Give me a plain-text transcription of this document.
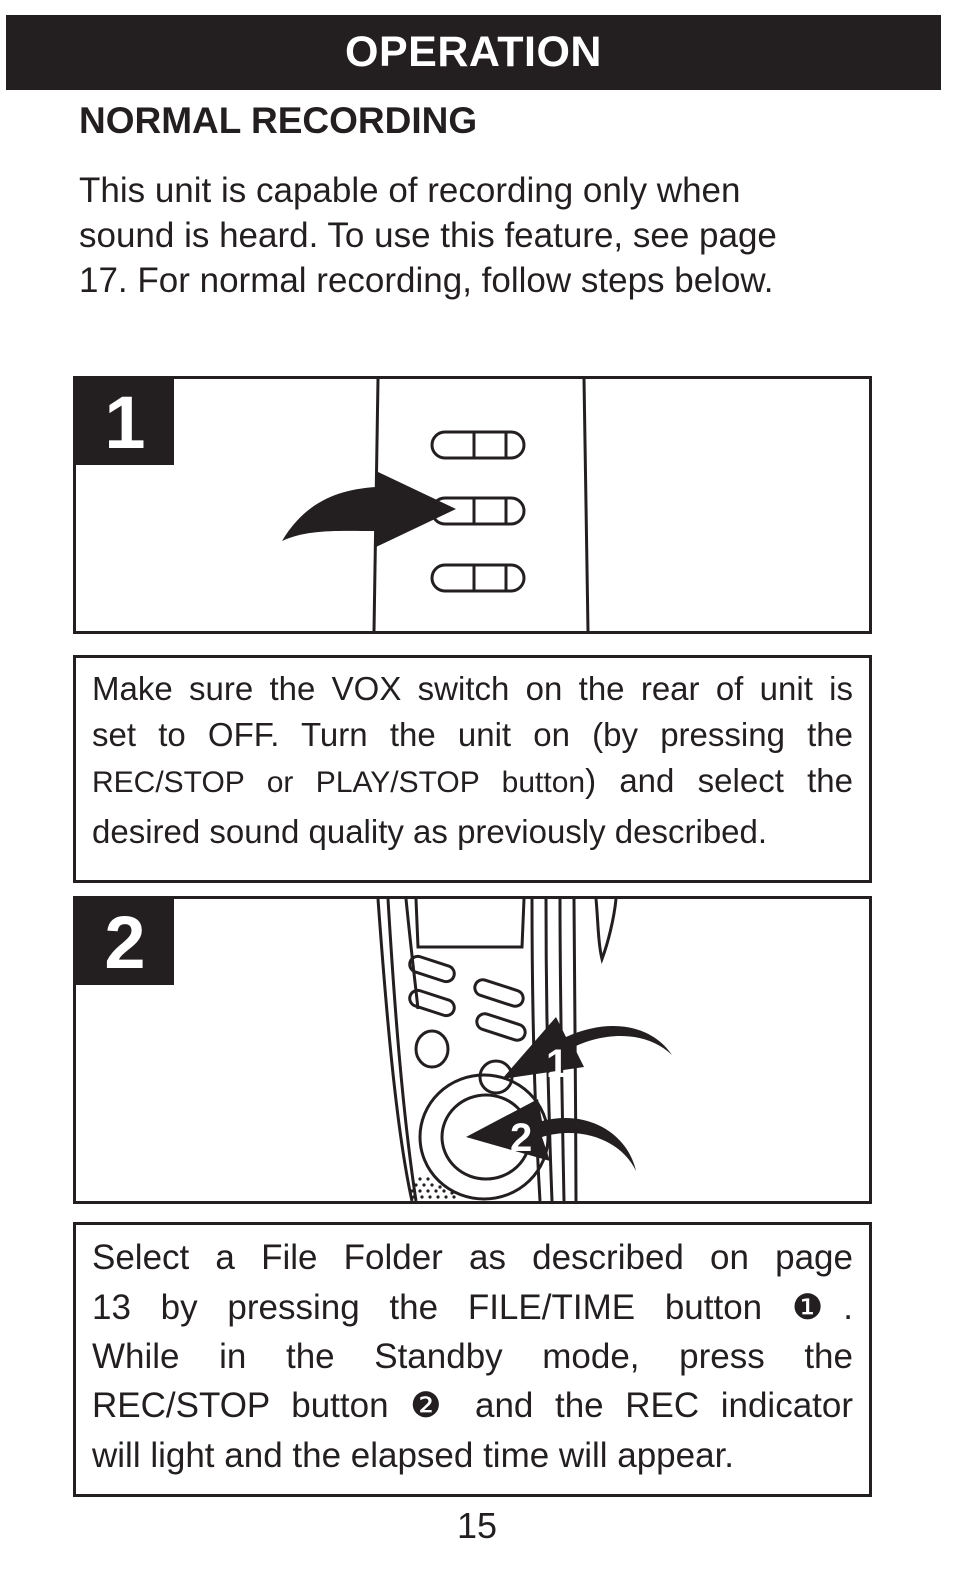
OPERATION
NORMAL RECORDING

This unit is capable of recording only when
sound is heard. To use this feature, see page
17. For normal recording, follow steps below.

1
Make sure the VOX switch on the rear of unit is
set to OFF. Turn the unit on (by pressing the
REC/STOP or PLAY/STOP button) and select the
desired sound quality as previously described.
2
1
2
Select a File Folder as described on page
13 by pressing the FILE/TIME button ❶.
While in the Standby mode, press the
REC/STOP button ❷ and the REC indicator
will light and the elapsed time will appear.
15
